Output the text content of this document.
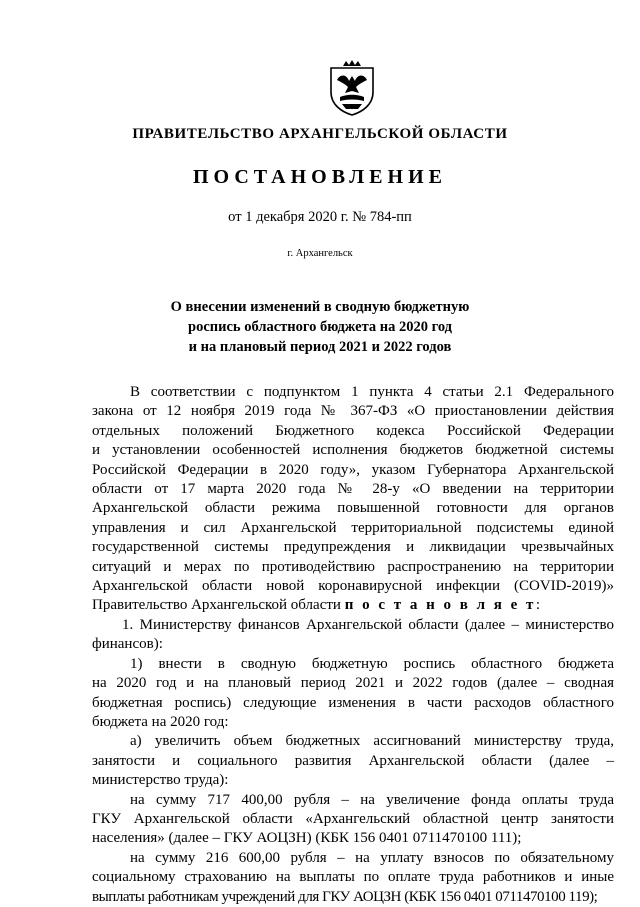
ПРАВИТЕЛЬСТВО АРХАНГЕЛЬСКОЙ ОБЛАСТИ
ПОСТАНОВЛЕНИЕ
от 1 декабря 2020 г. № 784-пп
г. Архангельск
О внесении изменений в сводную бюджетную
роспись областного бюджета на 2020 год
и на плановый период 2021 и 2022 годов
В соответствии с подпунктом 1 пункта 4 статьи 2.1 Федерального
закона от 12 ноября 2019 года № 367-ФЗ «О приостановлении действия
отдельных положений Бюджетного кодекса Российской Федерации
и установлении особенностей исполнения бюджетов бюджетной системы
Российской Федерации в 2020 году», указом Губернатора Архангельской
области от 17 марта 2020 года № 28-у «О введении на территории
Архангельской области режима повышенной готовности для органов
управления и сил Архангельской территориальной подсистемы единой
государственной системы предупреждения и ликвидации чрезвычайных
ситуаций и мерах по противодействию распространению на территории
Архангельской области новой коронавирусной инфекции (COVID-2019)»
Правительство Архангельской области п о с т а н о в л я е т:
1. Министерству финансов Архангельской области (далее – министерство
финансов):
1) внести в сводную бюджетную роспись областного бюджета
на 2020 год и на плановый период 2021 и 2022 годов (далее – сводная
бюджетная роспись) следующие изменения в части расходов областного
бюджета на 2020 год:
а) увеличить объем бюджетных ассигнований министерству труда,
занятости и социального развития Архангельской области (далее –
министерство труда):
на сумму 717 400,00 рубля – на увеличение фонда оплаты труда
ГКУ Архангельской области «Архангельский областной центр занятости
населения» (далее – ГКУ АОЦЗН) (КБК 156 0401 0711470100 111);
на сумму 216 600,00 рубля – на уплату взносов по обязательному
социальному страхованию на выплаты по оплате труда работников и иные
выплаты работникам учреждений для ГКУ АОЦЗН (КБК 156 0401 0711470100 119);
